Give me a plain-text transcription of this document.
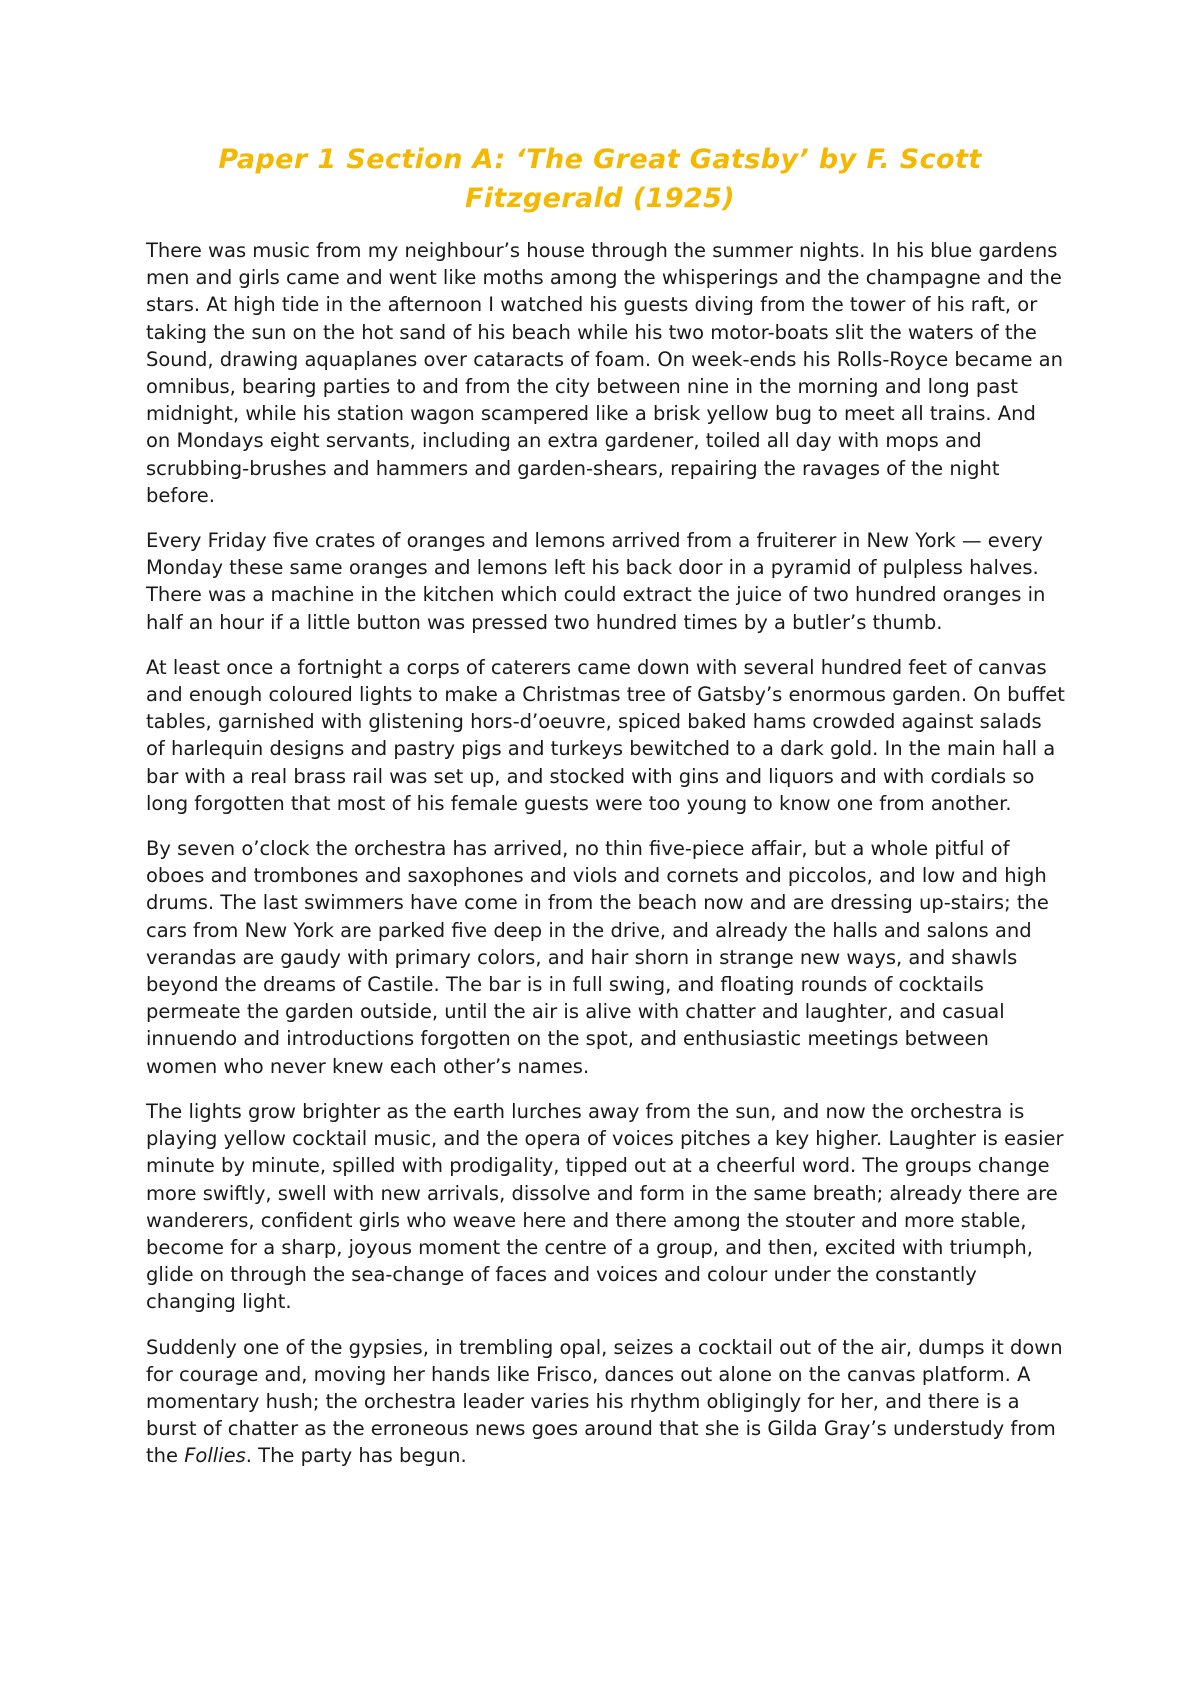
Paper 1 Section A: ‘The Great Gatsby’ by F. Scott Fitzgerald (1925)

There was music from my neighbour’s house through the summer nights. In his blue gardens men and girls came and went like moths among the whisperings and the champagne and the stars. At high tide in the afternoon I watched his guests diving from the tower of his raft, or taking the sun on the hot sand of his beach while his two motor-boats slit the waters of the Sound, drawing aquaplanes over cataracts of foam. On week-ends his Rolls-Royce became an omnibus, bearing parties to and from the city between nine in the morning and long past midnight, while his station wagon scampered like a brisk yellow bug to meet all trains. And on Mondays eight servants, including an extra gardener, toiled all day with mops and scrubbing-brushes and hammers and garden-shears, repairing the ravages of the night before.

Every Friday five crates of oranges and lemons arrived from a fruiterer in New York — every Monday these same oranges and lemons left his back door in a pyramid of pulpless halves. There was a machine in the kitchen which could extract the juice of two hundred oranges in half an hour if a little button was pressed two hundred times by a butler’s thumb.

At least once a fortnight a corps of caterers came down with several hundred feet of canvas and enough coloured lights to make a Christmas tree of Gatsby’s enormous garden. On buffet tables, garnished with glistening hors-d’oeuvre, spiced baked hams crowded against salads of harlequin designs and pastry pigs and turkeys bewitched to a dark gold. In the main hall a bar with a real brass rail was set up, and stocked with gins and liquors and with cordials so long forgotten that most of his female guests were too young to know one from another.

By seven o’clock the orchestra has arrived, no thin five-piece affair, but a whole pitful of oboes and trombones and saxophones and viols and cornets and piccolos, and low and high drums. The last swimmers have come in from the beach now and are dressing up-stairs; the cars from New York are parked five deep in the drive, and already the halls and salons and verandas are gaudy with primary colors, and hair shorn in strange new ways, and shawls beyond the dreams of Castile. The bar is in full swing, and floating rounds of cocktails permeate the garden outside, until the air is alive with chatter and laughter, and casual innuendo and introductions forgotten on the spot, and enthusiastic meetings between women who never knew each other’s names.

The lights grow brighter as the earth lurches away from the sun, and now the orchestra is playing yellow cocktail music, and the opera of voices pitches a key higher. Laughter is easier minute by minute, spilled with prodigality, tipped out at a cheerful word. The groups change more swiftly, swell with new arrivals, dissolve and form in the same breath; already there are wanderers, confident girls who weave here and there among the stouter and more stable, become for a sharp, joyous moment the centre of a group, and then, excited with triumph, glide on through the sea-change of faces and voices and colour under the constantly changing light.

Suddenly one of the gypsies, in trembling opal, seizes a cocktail out of the air, dumps it down for courage and, moving her hands like Frisco, dances out alone on the canvas platform. A momentary hush; the orchestra leader varies his rhythm obligingly for her, and there is a burst of chatter as the erroneous news goes around that she is Gilda Gray’s understudy from the Follies. The party has begun.
